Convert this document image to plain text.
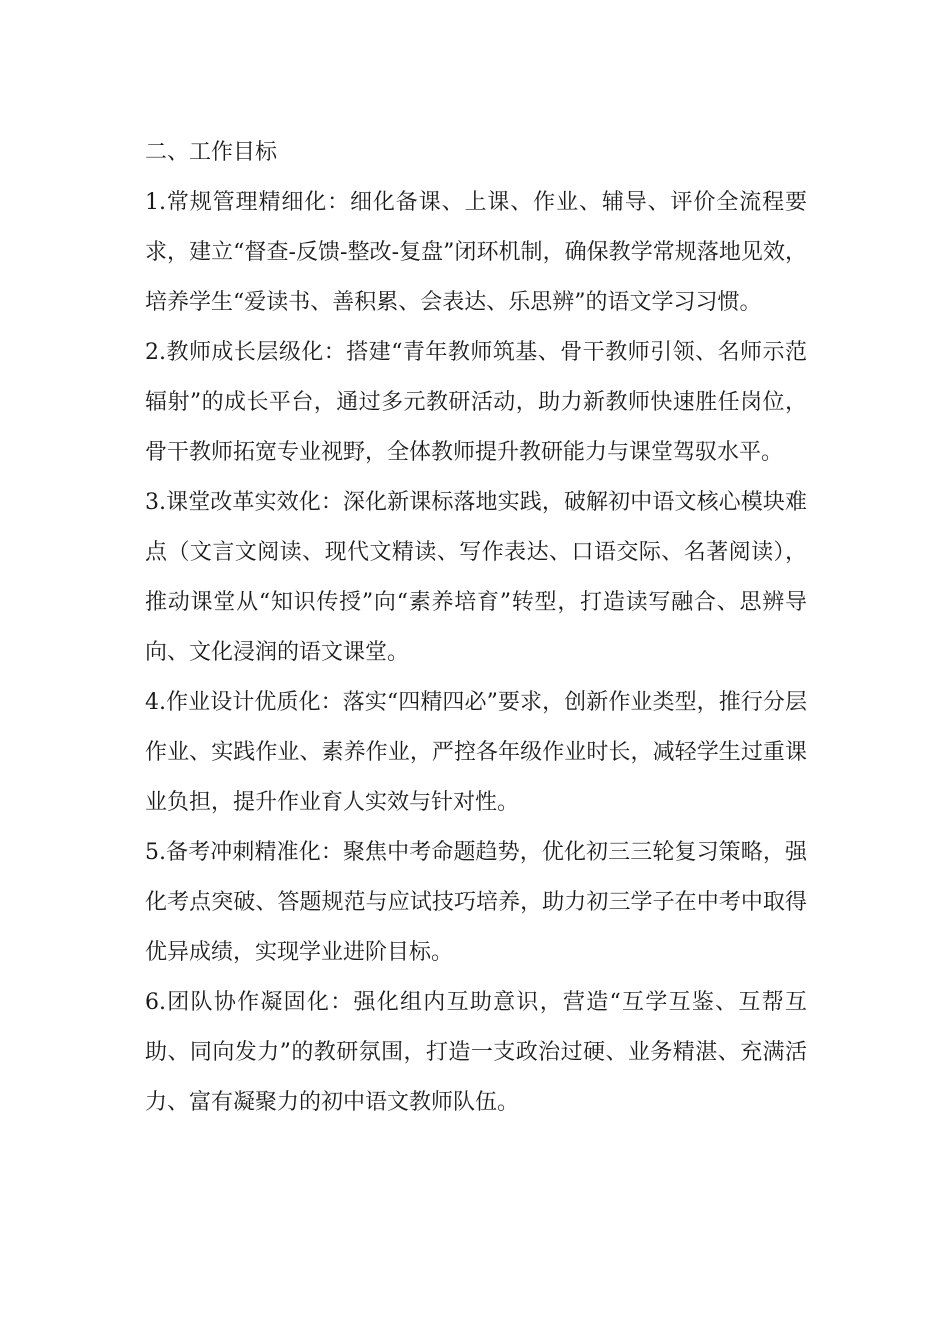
二、工作目标

1.常规管理精细化：细化备课、上课、作业、辅导、评价全流程要求，建立“督查-反馈-整改-复盘”闭环机制，确保教学常规落地见效，培养学生“爱读书、善积累、会表达、乐思辨”的语文学习习惯。

2.教师成长层级化：搭建“青年教师筑基、骨干教师引领、名师示范辐射”的成长平台，通过多元教研活动，助力新教师快速胜任岗位，骨干教师拓宽专业视野，全体教师提升教研能力与课堂驾驭水平。

3.课堂改革实效化：深化新课标落地实践，破解初中语文核心模块难点（文言文阅读、现代文精读、写作表达、口语交际、名著阅读），推动课堂从“知识传授”向“素养培育”转型，打造读写融合、思辨导向、文化浸润的语文课堂。

4.作业设计优质化：落实“四精四必”要求，创新作业类型，推行分层作业、实践作业、素养作业，严控各年级作业时长，减轻学生过重课业负担，提升作业育人实效与针对性。

5.备考冲刺精准化：聚焦中考命题趋势，优化初三三轮复习策略，强化考点突破、答题规范与应试技巧培养，助力初三学子在中考中取得优异成绩，实现学业进阶目标。

6.团队协作凝固化：强化组内互助意识，营造“互学互鉴、互帮互助、同向发力”的教研氛围，打造一支政治过硬、业务精湛、充满活力、富有凝聚力的初中语文教师队伍。
